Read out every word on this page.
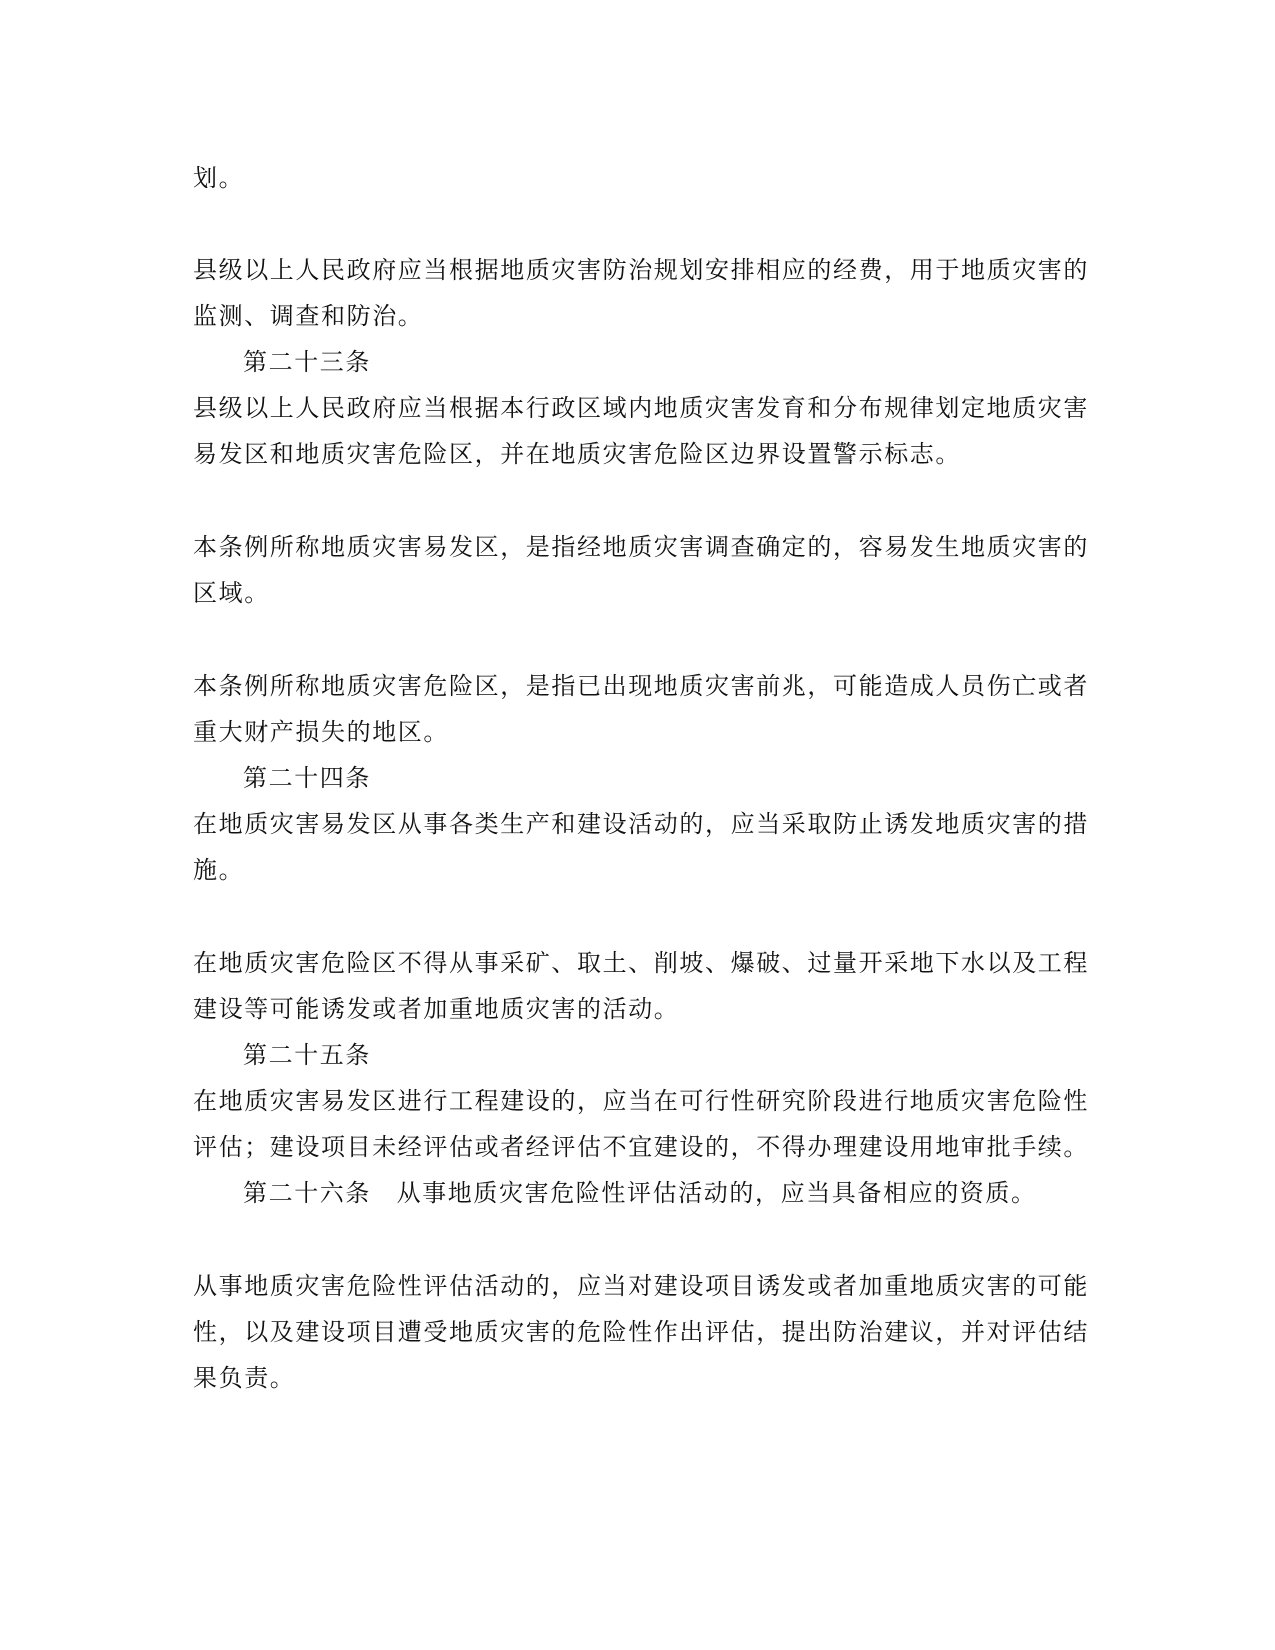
划。
县级以上人民政府应当根据地质灾害防治规划安排相应的经费，用于地质灾害的
监测、调查和防治。
第二十三条
县级以上人民政府应当根据本行政区域内地质灾害发育和分布规律划定地质灾害
易发区和地质灾害危险区，并在地质灾害危险区边界设置警示标志。
本条例所称地质灾害易发区，是指经地质灾害调查确定的，容易发生地质灾害的
区域。
本条例所称地质灾害危险区，是指已出现地质灾害前兆，可能造成人员伤亡或者
重大财产损失的地区。
第二十四条
在地质灾害易发区从事各类生产和建设活动的，应当采取防止诱发地质灾害的措
施。
在地质灾害危险区不得从事采矿、取土、削坡、爆破、过量开采地下水以及工程
建设等可能诱发或者加重地质灾害的活动。
第二十五条
在地质灾害易发区进行工程建设的，应当在可行性研究阶段进行地质灾害危险性
评估；建设项目未经评估或者经评估不宜建设的，不得办理建设用地审批手续。
第二十六条　从事地质灾害危险性评估活动的，应当具备相应的资质。
从事地质灾害危险性评估活动的，应当对建设项目诱发或者加重地质灾害的可能
性，以及建设项目遭受地质灾害的危险性作出评估，提出防治建议，并对评估结
果负责。
